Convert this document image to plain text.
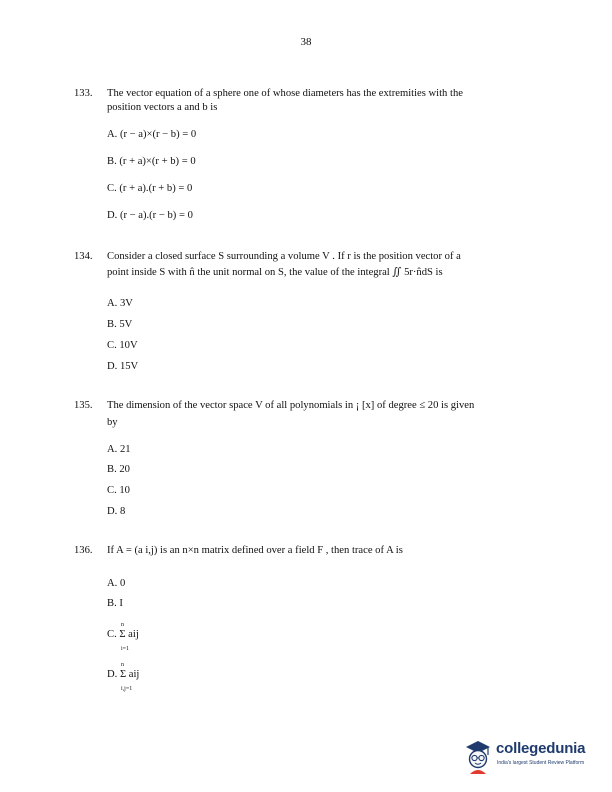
38
133. The vector equation of a sphere one of whose diameters has the extremities with the
position vectors a and b is
A. (r − a)×(r − b) = 0
B. (r + a)×(r + b) = 0
C. (r + a).(r + b) = 0
D. (r − a).(r − b) = 0
134. Consider a closed surface S surrounding a volume V . If r is the position vector of a
point inside S with n̂ the unit normal on S, the value of the integral ∬ 5r·n̂dS is
A. 3V
B. 5V
C. 10V
D. 15V
135. The dimension of the vector space V of all polynomials in ¡ [x] of degree ≤ 20 is given
by
A. 21
B. 20
C. 10
D. 8
136. If A = (a i,j) is an n×n matrix defined over a field F , then trace of A is
A. 0
B. I
C. Σ aij
n
i=1
D. Σ aij
n
i,j=1
collegedunia
India's largest Student Review Platform
